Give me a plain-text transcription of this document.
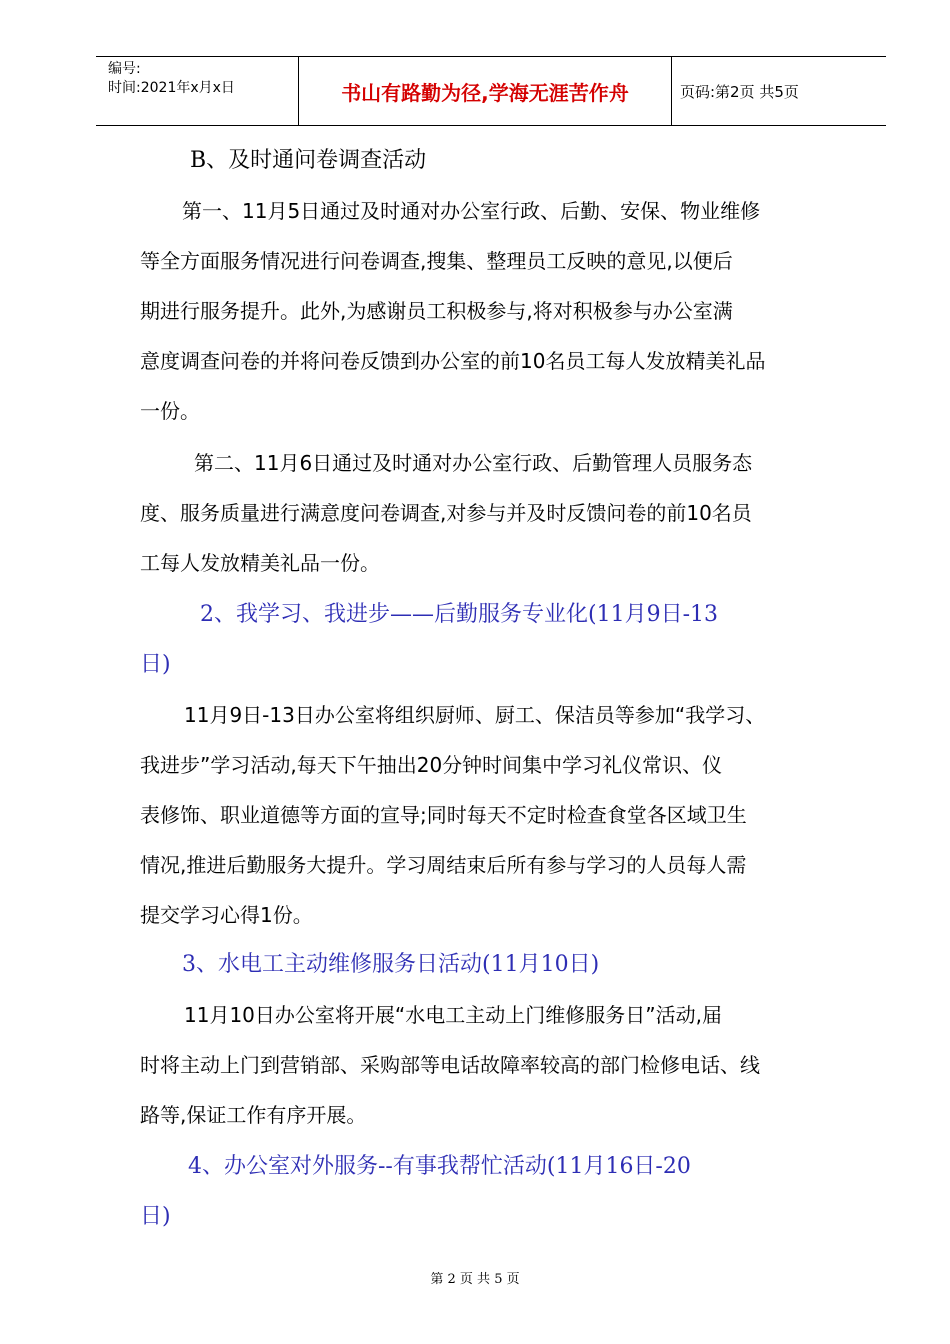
编号:
时间:2021年x月x日	书山有路勤为径,学海无涯苦作舟	页码:第2页 共5页
B、及时通问卷调查活动
第一、11月5日通过及时通对办公室行政、后勤、安保、物业维修
等全方面服务情况进行问卷调查,搜集、整理员工反映的意见,以便后
期进行服务提升。此外,为感谢员工积极参与,将对积极参与办公室满
意度调查问卷的并将问卷反馈到办公室的前10名员工每人发放精美礼品
一份。
第二、11月6日通过及时通对办公室行政、后勤管理人员服务态
度、服务质量进行满意度问卷调查,对参与并及时反馈问卷的前10名员
工每人发放精美礼品一份。
2、我学习、我进步——后勤服务专业化(11月9日-13
日)
11月9日-13日办公室将组织厨师、厨工、保洁员等参加“我学习、
我进步”学习活动,每天下午抽出20分钟时间集中学习礼仪常识、仪
表修饰、职业道德等方面的宣导;同时每天不定时检查食堂各区域卫生
情况,推进后勤服务大提升。学习周结束后所有参与学习的人员每人需
提交学习心得1份。
3、水电工主动维修服务日活动(11月10日)
11月10日办公室将开展“水电工主动上门维修服务日”活动,届
时将主动上门到营销部、采购部等电话故障率较高的部门检修电话、线
路等,保证工作有序开展。
4、办公室对外服务--有事我帮忙活动(11月16日-20
日)
第 2 页 共 5 页
